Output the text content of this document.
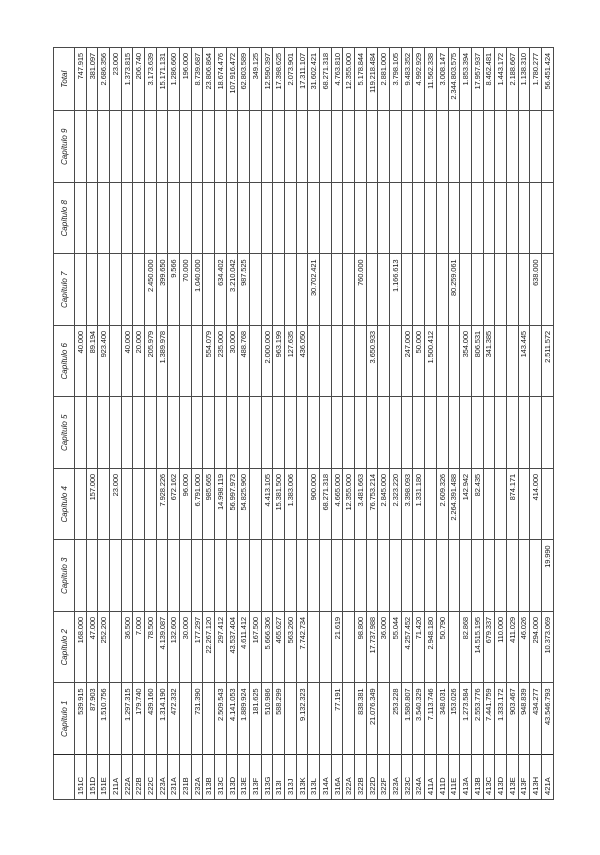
	Capítulo 1	Capítulo 2	Capítulo 3	Capítulo 4	Capítulo 5	Capítulo 6	Capítulo 7	Capítulo 8	Capítulo 9	Total
151C	539.915	168.000				40.000				747.915
151D	87.903	47.000		157.000		89.194				381.097
151E	1.510.756	252.200				923.400				2.686.356
211A				23.000						23.000
222A	1.297.315	36.500				40.000				1.373.815
222B	179.740	7.000				20.000				206.740
222C	439.160	78.500				205.979	2.450.000			3.173.639
223A	1.314.190	4.139.087		7.928.226		1.389.978	399.650			15.171.131
231A	472.332	132.600		672.162			9.566			1.286.660
231B		30.000		96.000			70.000			196.000
232A	731.390	177.297		6.791.000			1.040.000			8.739.687
313B		22.267.120		985.665		554.079				23.806.864
313C	2.509.543	297.412		14.998.119		235.000	634.402			18.674.476
313D	4.141.053	43.537.404		56.997.973		30.000	3.210.042			107.916.472
313E	1.889.924	4.611.412		54.825.960		488.768	987.525			62.803.589
313F	181.625	167.500								349.125
313G	510.986	5.666.306		4.413.105		2.000.000				12.590.397
313I	588.299	465.627		15.381.500		963.199				17.398.625
313J		563.260		1.383.006		127.635				2.073.901
313K	9.132.323	7.742.734				436.050				17.311.107
313L				900.000			30.702.421			31.602.421
314A				68.271.318						68.271.318
316A	77.191	21.619		4.665.000						4.763.810
322A				12.355.000						12.355.000
322B	838.381	98.800		3.481.663			760.000			5.178.844
322D	21.076.349	17.737.988		76.753.214		3.650.933				119.218.484
322F		36.000		2.845.000						2.881.000
323A	253.228	55.044		2.323.220			1.166.613			3.798.105
323C	1.580.807	4.257.452		3.398.093		247.000				9.483.352
324A	3.540.329	71.420		1.331.180		50.000				4.992.929
411A	7.113.746	2.948.180				1.500.412				11.562.338
411D	348.031	50.790		2.609.326						3.008.147
411E	153.026			2.264.391.488			80.259.061			2.344.803.575
413A	1.273.584	82.868		142.942		354.000				1.853.394
413B	2.553.776	14.515.195		82.435		806.531				17.957.937
413C	7.441.759	679.337				341.385				8.462.481
413D	1.333.172	110.000								1.443.172
413E	903.467	411.029		874.171						2.188.667
413F	948.839	46.026				143.445				1.138.310
413H	434.277	294.000		414.000			638.000			1.780.277
421A	43.546.793	10.373.069	19.990			2.511.572				56.451.424
